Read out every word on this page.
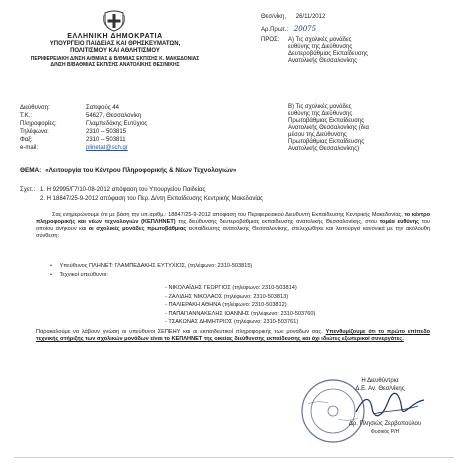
ΕΛΛΗΝΙΚΗ ΔΗΜΟΚΡΑΤΙΑ
ΥΠΟΥΡΓΕΙΟ ΠΑΙΔΕΙΑΣ ΚΑΙ ΘΡΗΣΚΕΥΜΑΤΩΝ,
ΠΟΛΙΤΙΣΜΟΥ ΚΑΙ ΑΘΛΗΤΙΣΜΟΥ
ΠΕΡΙΦΕΡΕΙΑΚΗ Δ/ΝΣΗ Α/ΘΜΙΑΣ & Β/ΘΜΙΑΣ ΕΚΠ/ΣΗΣ Κ. ΜΑΚΕΔΟΝΙΑΣ
Δ/ΝΣΗ Β/ΒΑΘΜΙΑΣ ΕΚΠ/ΣΗΣ ΑΝΑΤΟΛΙΚΗΣ ΘΕΣ/ΝΙΚΗΣ
Θεσ/νίκη, 26/11/2012
Αρ.Πρωτ.: 20075
ΠΡΟΣ: Α) Τις σχολικές μονάδες
ευθύνης της Διεύθυνσης
Δευτεροβάθμιας Εκπαίδευσης
Ανατολικής Θεσσαλονίκης
Β) Τις σχολικές μονάδες
ευθύνης της Διεύθυνσης
Πρωτοβάθμιας Εκπαίδευσης
Ανατολικής Θεσσαλονίκης (δια
μέσου της Διεύθυνσης
Πρωτοβάθμιας Εκπαίδευσης
Ανατολικής Θεσσαλονίκης)
Διεύθυνση:	Σαπφούς 44
Τ.Κ.:	54627, Θεσσαλονίκη
Πληροφορίες:	Γλαμπεδάκης Ευτύχιος
Τηλέφωνο:	2310 – 503815
Φαξ:	2310 – 503811
e-mail:	plinetat@sch.gr
ΘΕΜΑ: «Λειτουργία του Κέντρου Πληροφορικής & Νέων Τεχνολογιών»
Σχετ.: 1. Η 92995/Γ7/10-08-2012 απόφαση του Υπουργείου Παιδείας
2. Η 18847/25-9-2012 απόφαση του Περ. Δ/ντη Εκπαίδευσης Κεντρικής Μακεδονίας
Σας ενημερώνουμε ότι με βάση την υπ.αριθμ.: 18847/25-9-2012 απόφαση του Περιφερειακού Διευθυντή Εκπαίδευσης Κεντρικής Μακεδονίας, το κέντρο πληροφορικής και νέων τεχνολογιών (ΚΕΠΛΗΝΕΤ) της διεύθυνσης δευτεροβάθμιας εκπαίδευσης ανατολικής Θεσσαλονίκης, στου τομέα ευθύνης του οποίου ανήκουν και οι σχολικές μονάδες πρωτοβάθμιας εκπαίδευσης ανατολικής Θεσσαλονίκης, στελεχώθηκε και λειτουργεί κανονικά με την ακόλουθη σύνθεση:
• Υπεύθυνος ΠΛΗΝΕΤ: ΓΛΑΜΠΕΔΑΚΗΣ ΕΥΤΥΧΙΟΣ, (τηλέφωνο: 2310-503815)
• Τεχνικοί υπεύθυνοι:
- ΝΙΚΟΛΑΪΔΗΣ ΓΕΩΡΓΙΟΣ (τηλέφωνο: 2310-503814)
- ΖΑΛΙΔΗΣ ΝΙΚΟΛΑΟΣ (τηλέφωνο: 2310-503813)
- ΠΑΛΙΕΡΑΚΗ ΑΘΗΝΑ (τηλέφωνο: 2310-503812)
- ΠΑΠΑΓΙΑΝΝΑΚΕΛΗΣ ΙΩΑΝΝΗΣ (τηλέφωνο: 2310-503760)
- ΤΣΑΚΩΝΑΣ ΔΗΜΗΤΡΙΟΣ (τηλέφωνο: 2310-503761)
Παρακαλούμε να λάβουν γνώση οι υπεύθυνοι ΣΕΠΕΗΥ και οι εκπαιδευτικοί πληροφορικής των μονάδων σας. Υπενθυμίζουμε ότι το πρώτο επίπεδο τεχνικής στήριξης των σχολικών μονάδων είναι το ΚΕΠΛΗΝΕΤ της οικείας διεύθυνσης εκπαίδευσης και όχι ιδιώτες εξωτερικοί συνεργάτες.
Η Διευθύντρια
Δ.Ε. Αν. Θεσ/νίκης
Δρ. Πλησιώς Ζερβοπούλου
Φυσικός Ρ/Η
